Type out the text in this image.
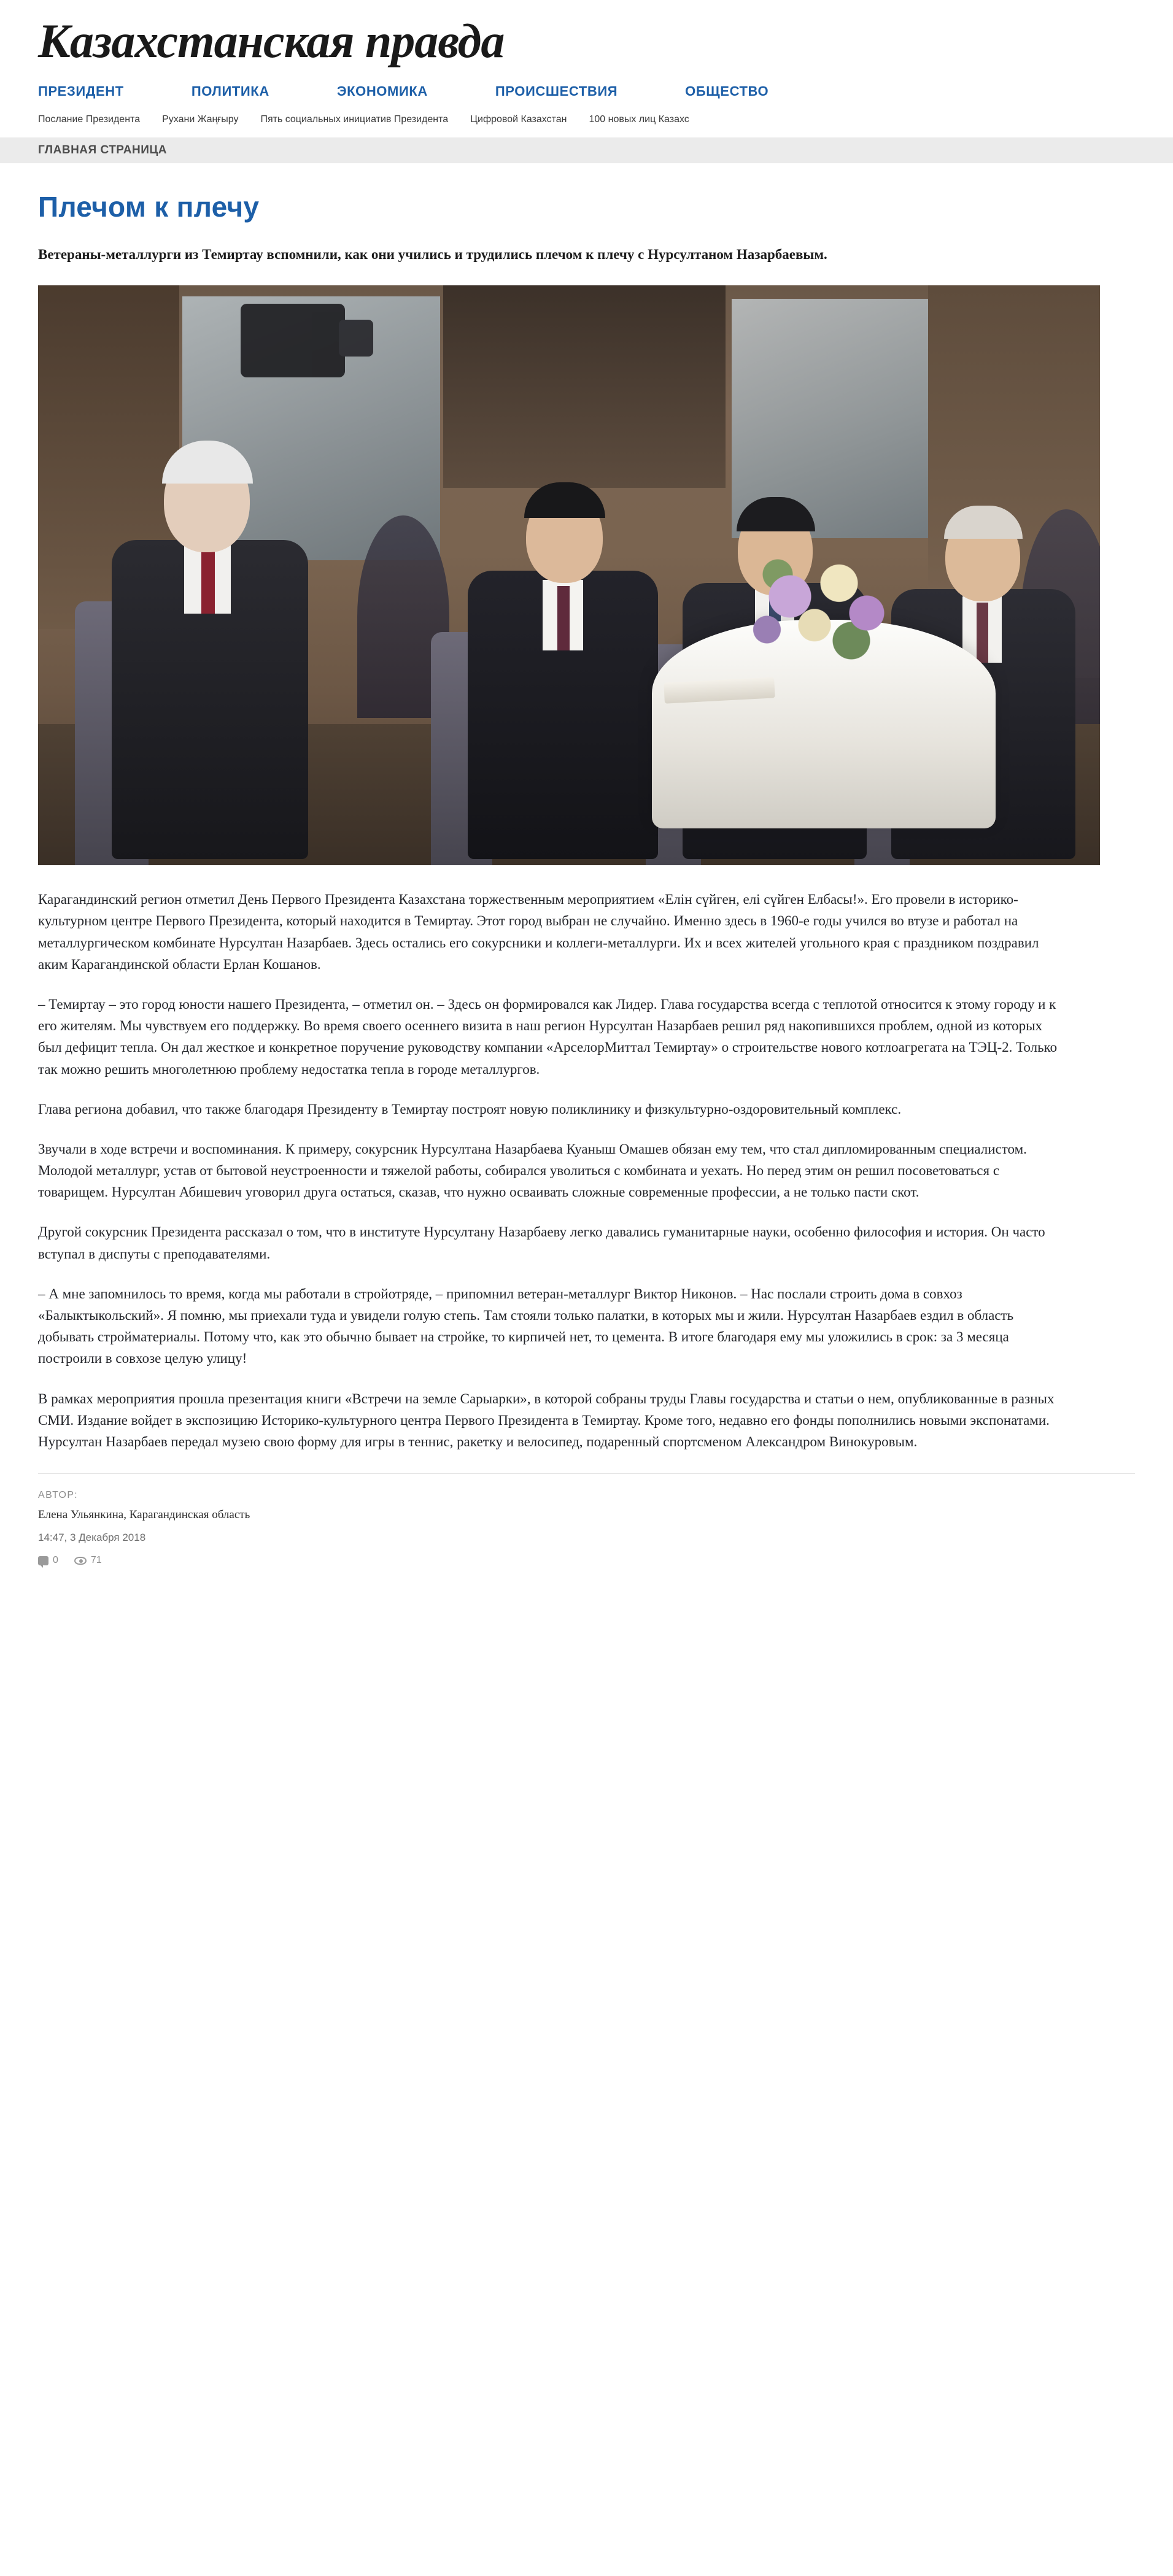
Казахстанская правда
ПРЕЗИДЕНТ	ПОЛИТИКА	ЭКОНОМИКА	ПРОИСШЕСТВИЯ	ОБЩЕСТВО
Послание Президента Рухани Жаңғыру Пять социальных инициатив Президента Цифровой Казахстан 100 новых лиц Казахс
ГЛАВНАЯ СТРАНИЦА
Плечом к плечу

Ветераны-металлурги из Темиртау вспомнили, как они учились и трудились плечом к плечу с Нурсултаном Назарбаевым.

Карагандинский регион отметил День Первого Президента Казахстана торжественным мероприятием «Елін сүйген, елі сүйген Елбасы!». Его провели в историко-культурном центре Первого Президента, который находится в Темиртау. Этот город выбран не случайно. Именно здесь в 1960-е годы учился во втузе и работал на металлургическом комбинате Нурсултан Назарбаев. Здесь остались его сокурсники и коллеги-металлурги. Их и всех жителей угольного края с праздником поздравил аким Карагандинской области Ерлан Кошанов.

– Темиртау – это город юности нашего Президента, – отметил он. – Здесь он формировался как Лидер. Глава государства всегда с теплотой относится к этому городу и к его жителям. Мы чувствуем его поддержку. Во время своего осеннего визита в наш регион Нурсултан Назарбаев решил ряд накопившихся проблем, одной из которых был дефицит тепла. Он дал жесткое и конкретное поручение руководству компании «АрселорМиттал Темиртау» о строительстве нового котлоагрегата на ТЭЦ-2. Только так можно решить многолетнюю проблему недостатка тепла в городе металлургов.

Глава региона добавил, что также благодаря Президенту в Темиртау построят новую поликлинику и физкультурно-оздоровительный комплекс.

Звучали в ходе встречи и воспоминания. К примеру, сокурсник Нурсултана Назарбаева Куаныш Омашев обязан ему тем, что стал дипломированным специалистом. Молодой металлург, устав от бытовой неустроенности и тяжелой работы, собирался уволиться с комбината и уехать. Но перед этим он решил посоветоваться с товарищем. Нурсултан Абишевич уговорил друга остаться, сказав, что нужно осваивать сложные современные профессии, а не только пасти скот.

Другой сокурсник Президента рассказал о том, что в институте Нурсултану Назарбаеву легко давались гуманитарные науки, особенно философия и история. Он часто вступал в диспуты с преподавателями.

– А мне запомнилось то время, когда мы работали в стройотряде, – припомнил ветеран-металлург Виктор Никонов. – Нас послали строить дома в совхоз «Балыктыкольский». Я помню, мы приехали туда и увидели голую степь. Там стояли только палатки, в которых мы и жили. Нурсултан Назарбаев ездил в область добывать стройматериалы. Потому что, как это обычно бывает на стройке, то кирпичей нет, то цемента. В итоге благодаря ему мы уложились в срок: за 3 месяца построили в совхозе целую улицу!

В рамках мероприятия прошла презентация книги «Встречи на земле Сарыарки», в которой собраны труды Главы государства и статьи о нем, опубликованные в разных СМИ. Издание войдет в экспозицию Историко-культурного центра Первого Президента в Темиртау. Кроме того, недавно его фонды пополнились новыми экспонатами. Нурсултан Назарбаев передал музею свою форму для игры в теннис, ракетку и велосипед, подаренный спортсменом Александром Винокуровым.

АВТОР:
Елена Ульянкина, Карагандинская область
14:47, 3 Декабря 2018
0	71
